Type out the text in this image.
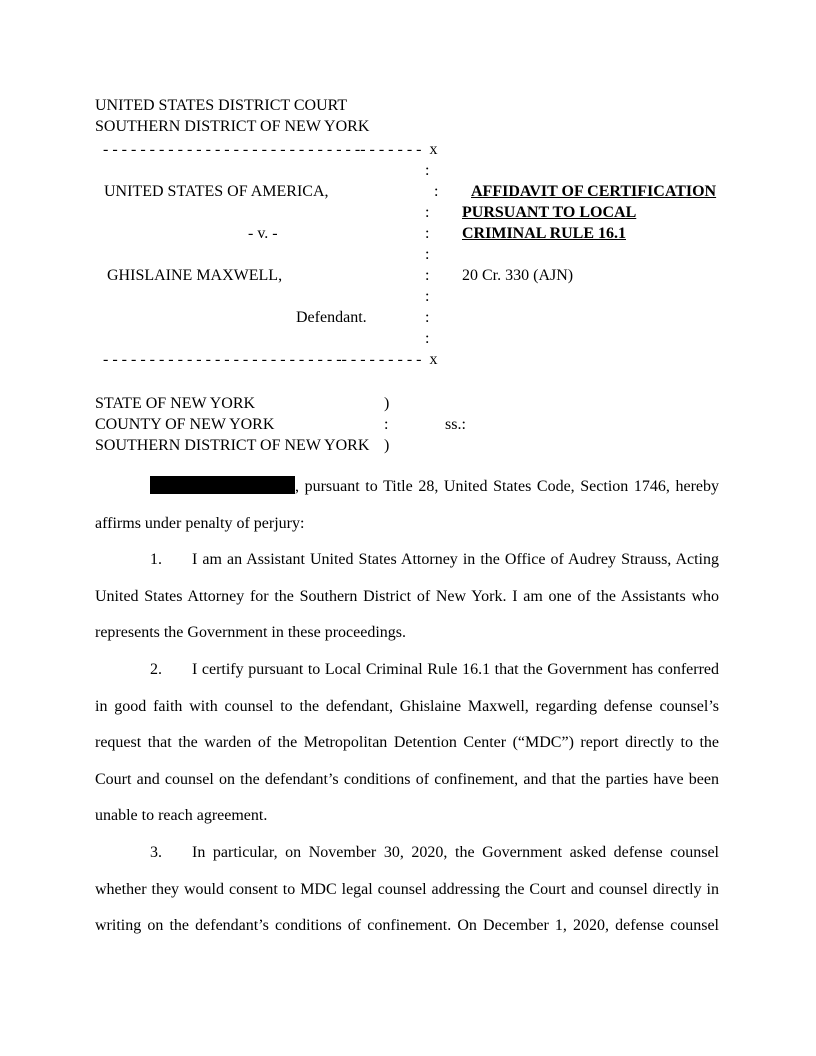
UNITED STATES DISTRICT COURT
SOUTHERN DISTRICT OF NEW YORK
- - - - - - - - - - - - - - - - - - - - - - - - - - - -- - - - - - -  x
:
UNITED STATES OF AMERICA,	:	AFFIDAVIT OF CERTIFICATION
:	PURSUANT TO LOCAL
- v. -	:	CRIMINAL RULE 16.1
:
GHISLAINE MAXWELL,	:	20 Cr. 330 (AJN)
:
Defendant.	:
:
- - - - - - - - - - - - - - - - - - - - - - - - - -- - - - - - - - -  x
STATE OF NEW YORK	)
COUNTY OF NEW YORK	:	ss.:
SOUTHERN DISTRICT OF NEW YORK )

, pursuant to Title 28, United States Code, Section 1746, hereby affirms under penalty of perjury:

1. I am an Assistant United States Attorney in the Office of Audrey Strauss, Acting United States Attorney for the Southern District of New York. I am one of the Assistants who represents the Government in these proceedings.

2. I certify pursuant to Local Criminal Rule 16.1 that the Government has conferred in good faith with counsel to the defendant, Ghislaine Maxwell, regarding defense counsel’s request that the warden of the Metropolitan Detention Center (“MDC”) report directly to the Court and counsel on the defendant’s conditions of confinement, and that the parties have been unable to reach agreement.

3. In particular, on November 30, 2020, the Government asked defense counsel whether they would consent to MDC legal counsel addressing the Court and counsel directly in writing on the defendant’s conditions of confinement. On December 1, 2020, defense counsel
